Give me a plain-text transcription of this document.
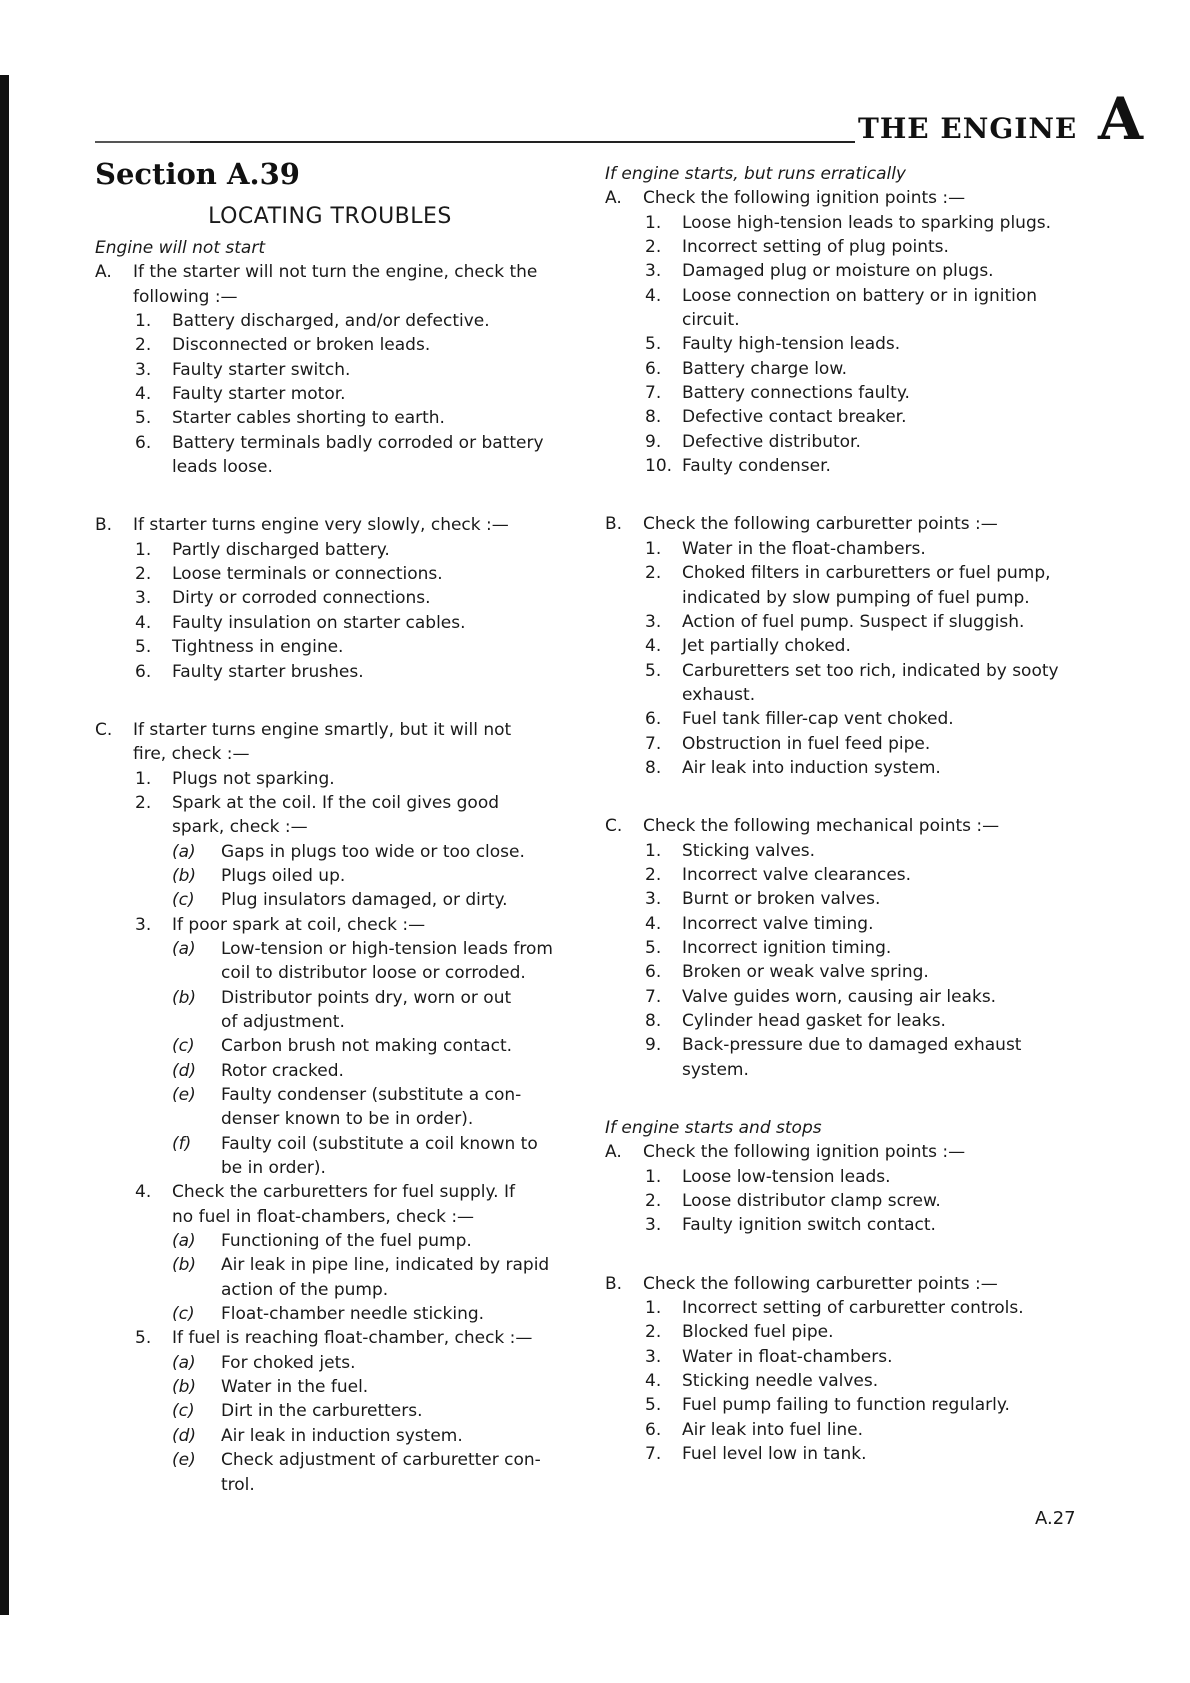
THE ENGINE A
Section A.39
LOCATING TROUBLES
Engine will not start
A. If the starter will not turn the engine, check the
following :—
1. Battery discharged, and/or defective.
2. Disconnected or broken leads.
3. Faulty starter switch.
4. Faulty starter motor.
5. Starter cables shorting to earth.
6. Battery terminals badly corroded or battery
leads loose.
B. If starter turns engine very slowly, check :—
1. Partly discharged battery.
2. Loose terminals or connections.
3. Dirty or corroded connections.
4. Faulty insulation on starter cables.
5. Tightness in engine.
6. Faulty starter brushes.
C. If starter turns engine smartly, but it will not
fire, check :—
1. Plugs not sparking.
2. Spark at the coil. If the coil gives good
spark, check :—
(a) Gaps in plugs too wide or too close.
(b) Plugs oiled up.
(c) Plug insulators damaged, or dirty.
3. If poor spark at coil, check :—
(a) Low-tension or high-tension leads from
coil to distributor loose or corroded.
(b) Distributor points dry, worn or out
of adjustment.
(c) Carbon brush not making contact.
(d) Rotor cracked.
(e) Faulty condenser (substitute a con-
denser known to be in order).
(f) Faulty coil (substitute a coil known to
be in order).
4. Check the carburetters for fuel supply. If
no fuel in float-chambers, check :—
(a) Functioning of the fuel pump.
(b) Air leak in pipe line, indicated by rapid
action of the pump.
(c) Float-chamber needle sticking.
5. If fuel is reaching float-chamber, check :—
(a) For choked jets.
(b) Water in the fuel.
(c) Dirt in the carburetters.
(d) Air leak in induction system.
(e) Check adjustment of carburetter con-
trol.
If engine starts, but runs erratically
A. Check the following ignition points :—
1. Loose high-tension leads to sparking plugs.
2. Incorrect setting of plug points.
3. Damaged plug or moisture on plugs.
4. Loose connection on battery or in ignition
circuit.
5. Faulty high-tension leads.
6. Battery charge low.
7. Battery connections faulty.
8. Defective contact breaker.
9. Defective distributor.
10. Faulty condenser.
B. Check the following carburetter points :—
1. Water in the float-chambers.
2. Choked filters in carburetters or fuel pump,
indicated by slow pumping of fuel pump.
3. Action of fuel pump. Suspect if sluggish.
4. Jet partially choked.
5. Carburetters set too rich, indicated by sooty
exhaust.
6. Fuel tank filler-cap vent choked.
7. Obstruction in fuel feed pipe.
8. Air leak into induction system.
C. Check the following mechanical points :—
1. Sticking valves.
2. Incorrect valve clearances.
3. Burnt or broken valves.
4. Incorrect valve timing.
5. Incorrect ignition timing.
6. Broken or weak valve spring.
7. Valve guides worn, causing air leaks.
8. Cylinder head gasket for leaks.
9. Back-pressure due to damaged exhaust
system.
If engine starts and stops
A. Check the following ignition points :—
1. Loose low-tension leads.
2. Loose distributor clamp screw.
3. Faulty ignition switch contact.
B. Check the following carburetter points :—
1. Incorrect setting of carburetter controls.
2. Blocked fuel pipe.
3. Water in float-chambers.
4. Sticking needle valves.
5. Fuel pump failing to function regularly.
6. Air leak into fuel line.
7. Fuel level low in tank.
A.27
